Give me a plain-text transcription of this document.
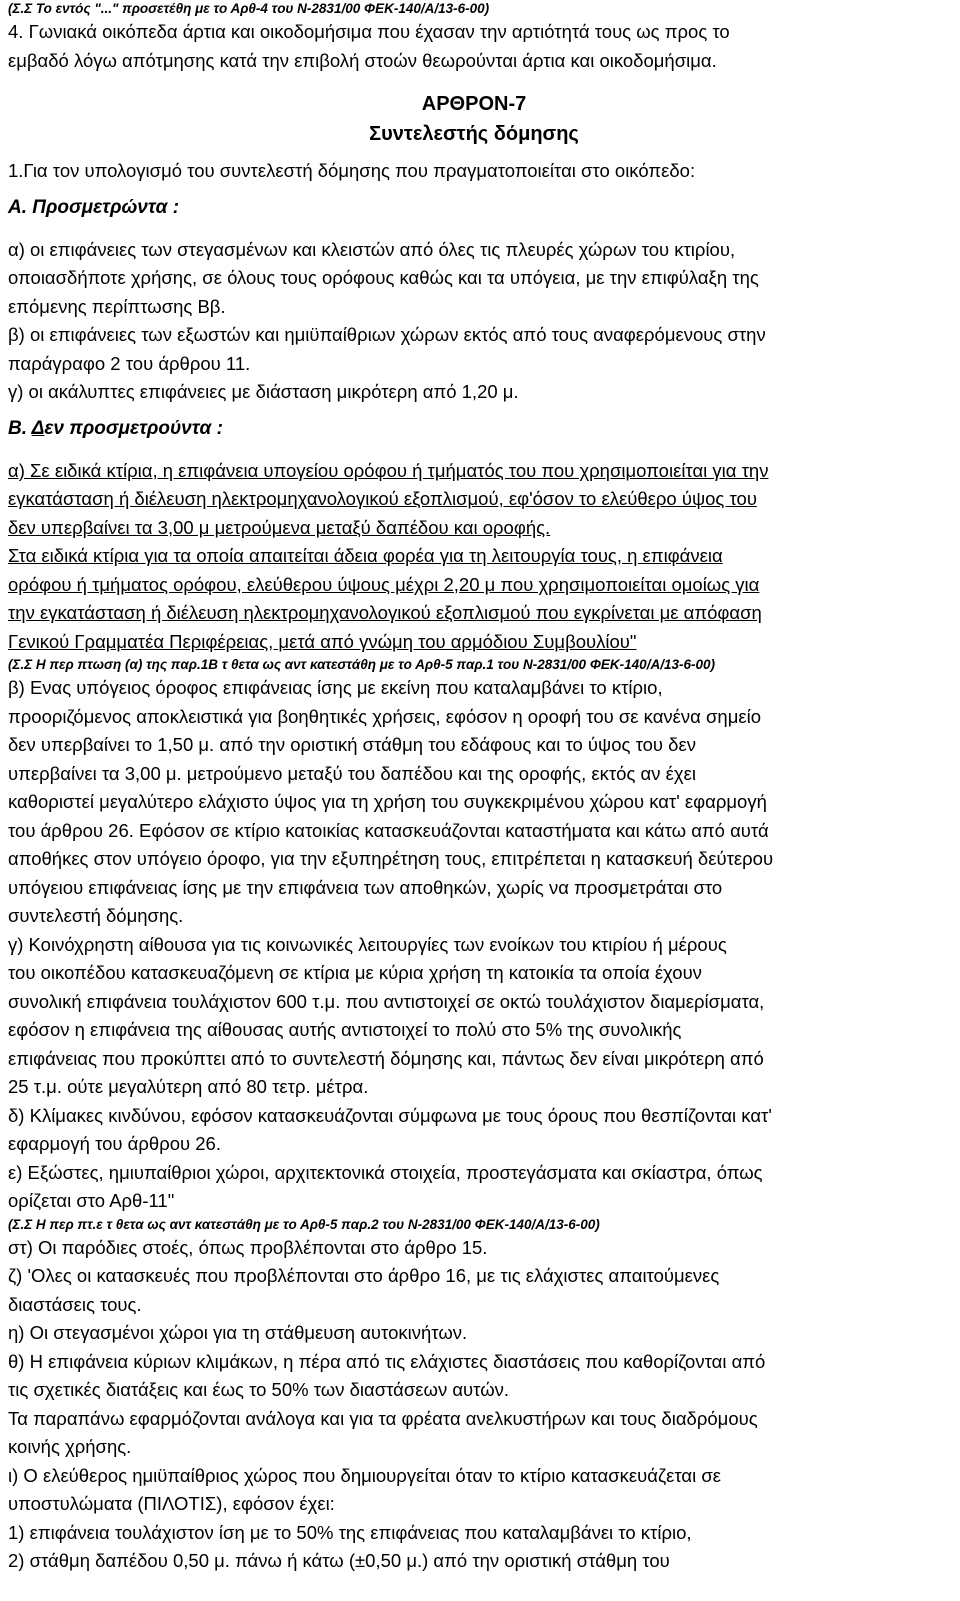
(Σ.Σ Το εντός "..." προσετέθη με το Αρθ-4 του Ν-2831/00 ΦΕΚ-140/Α/13-6-00)

4. Γωνιακά οικόπεδα άρτια και οικοδομήσιμα που έχασαν την αρτιότητά τους ως προς το

εμβαδό λόγω απότμησης κατά την επιβολή στοών θεωρούνται άρτια και οικοδομήσιμα.

ΑΡΘΡΟΝ-7
Συντελεστής δόμησης

1.Για τον υπολογισμό του συντελεστή δόμησης που πραγματοποιείται στο οικόπεδο:

Α. Προσμετρώντα :

α) οι επιφάνειες των στεγασμένων και κλειστών από όλες τις πλευρές χώρων του κτιρίου,

οποιασδήποτε χρήσης, σε όλους τους ορόφους καθώς και τα υπόγεια, με την επιφύλαξη της

επόμενης περίπτωσης Ββ.

β) οι επιφάνειες των εξωστών και ημιϋπαίθριων χώρων εκτός από τους αναφερόμενους στην

παράγραφο 2 του άρθρου 11.

γ) οι ακάλυπτες επιφάνειες με διάσταση μικρότερη από 1,20 μ.

Β. Δεν προσμετρούντα :

α) Σε ειδικά κτίρια, η επιφάνεια υπογείου ορόφου ή τμήματός του που χρησιμοποιείται για την

εγκατάσταση ή διέλευση ηλεκτρομηχανολογικού εξοπλισμού, εφ'όσον το ελεύθερο ύψος του

δεν υπερβαίνει τα 3,00 μ μετρούμενα μεταξύ δαπέδου και οροφής.

Στα ειδικά κτίρια για τα οποία απαιτείται άδεια φορέα για τη λειτουργία τους, η επιφάνεια

ορόφου ή τμήματος ορόφου, ελεύθερου ύψους μέχρι 2,20 μ που χρησιμοποιείται ομοίως για

την εγκατάσταση ή διέλευση ηλεκτρομηχανολογικού εξοπλισμού που εγκρίνεται με απόφαση

Γενικού Γραμματέα Περιφέρειας, μετά από γνώμη του αρμόδιου Συμβουλίου"

(Σ.Σ Η περ πτωση (α) της παρ.1Β τ θετα ως αντ κατεστάθη με το Αρθ-5 παρ.1 του Ν-2831/00 ΦΕΚ-140/Α/13-6-00)

β) Ενας υπόγειος όροφος επιφάνειας ίσης με εκείνη που καταλαμβάνει το κτίριο,

προοριζόμενος αποκλειστικά για βοηθητικές χρήσεις, εφόσον η οροφή του σε κανένα σημείο

δεν υπερβαίνει το 1,50 μ. από την οριστική στάθμη του εδάφους και το ύψος του δεν

υπερβαίνει τα 3,00 μ. μετρούμενο μεταξύ του δαπέδου και της οροφής, εκτός αν έχει

καθοριστεί μεγαλύτερο ελάχιστο ύψος για τη χρήση του συγκεκριμένου χώρου κατ' εφαρμογή

του άρθρου 26. Εφόσον σε κτίριο κατοικίας κατασκευάζονται καταστήματα και κάτω από αυτά

αποθήκες στον υπόγειο όροφο, για την εξυπηρέτηση τους, επιτρέπεται η κατασκευή δεύτερου

υπόγειου επιφάνειας ίσης με την επιφάνεια των αποθηκών, χωρίς να προσμετράται στο

συντελεστή δόμησης.

γ) Κοινόχρηστη αίθουσα για τις κοινωνικές λειτουργίες των ενοίκων του κτιρίου ή μέρους

του οικοπέδου κατασκευαζόμενη σε κτίρια με κύρια χρήση τη κατοικία τα οποία έχουν

συνολική επιφάνεια τουλάχιστον 600 τ.μ. που αντιστοιχεί σε οκτώ τουλάχιστον διαμερίσματα,

εφόσον η επιφάνεια της αίθουσας αυτής αντιστοιχεί το πολύ στο 5% της συνολικής

επιφάνειας που προκύπτει από το συντελεστή δόμησης και, πάντως δεν είναι μικρότερη από

25 τ.μ. ούτε μεγαλύτερη από 80 τετρ. μέτρα.

δ) Κλίμακες κινδύνου, εφόσον κατασκευάζονται σύμφωνα με τους όρους που θεσπίζονται κατ'

εφαρμογή του άρθρου 26.

ε) Εξώστες, ημιυπαίθριοι χώροι, αρχιτεκτονικά στοιχεία, προστεγάσματα και σκίαστρα, όπως

ορίζεται στο Αρθ-11"

(Σ.Σ Η περ πτ.ε τ θετα ως αντ κατεστάθη με το Αρθ-5 παρ.2 του Ν-2831/00 ΦΕΚ-140/Α/13-6-00)

στ) Οι παρόδιες στοές, όπως προβλέπονται στο άρθρο 15.

ζ) 'Ολες οι κατασκευές που προβλέπονται στο άρθρο 16, με τις ελάχιστες απαιτούμενες

διαστάσεις τους.

η) Οι στεγασμένοι χώροι για τη στάθμευση αυτοκινήτων.

θ) Η επιφάνεια κύριων κλιμάκων, η πέρα από τις ελάχιστες διαστάσεις που καθορίζονται από

τις σχετικές διατάξεις και έως το 50% των διαστάσεων αυτών.

Τα παραπάνω εφαρμόζονται ανάλογα και για τα φρέατα ανελκυστήρων και τους διαδρόμους

κοινής χρήσης.

ι) Ο ελεύθερος ημιϋπαίθριος χώρος που δημιουργείται όταν το κτίριο κατασκευάζεται σε

υποστυλώματα (ΠΙΛΟΤΙΣ), εφόσον έχει:

1) επιφάνεια τουλάχιστον ίση με το 50% της επιφάνειας που καταλαμβάνει το κτίριο,

2) στάθμη δαπέδου 0,50 μ. πάνω ή κάτω (±0,50 μ.) από την οριστική στάθμη του
